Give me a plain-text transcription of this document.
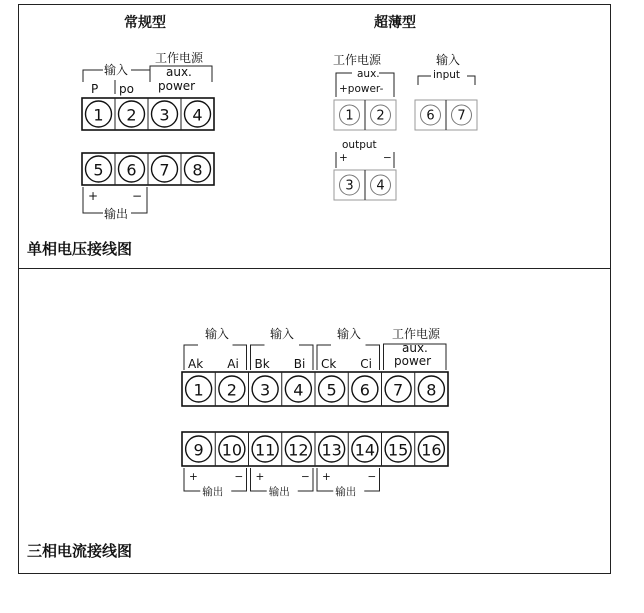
常规型
输入
工作电源
aux.
power
P po
1 2 3 4
5 6 7 8
+	−
输出
超薄型
工作电源
aux.
+power-
输入
input
1 2	6 7
output
+	−
3 4
单相电压接线图
输入	输入	输入	工作电源
aux.
power
Ak Ai Bk Bi Ck Ci
1 2 3 4 5 6 7 8
9 10 11 12 13 14 15 16
+	−
输出
+	−
输出
+	−
输出
三相电流接线图
